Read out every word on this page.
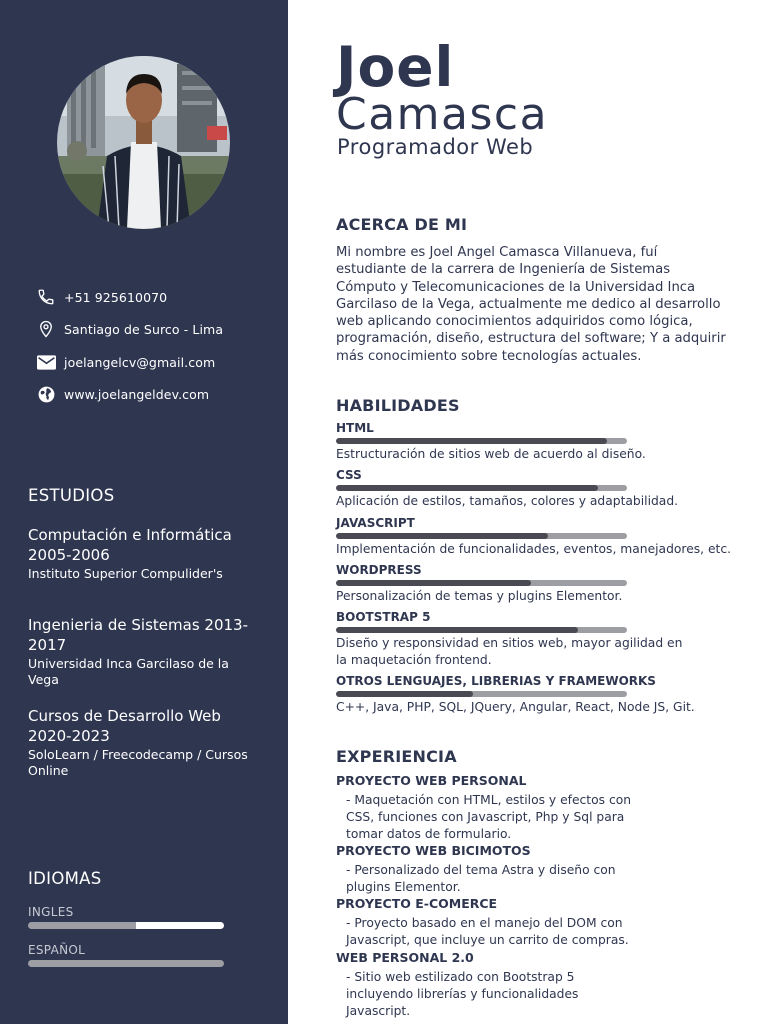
+51 925610070
Santiago de Surco - Lima
joelangelcv@gmail.com
www.joelangeldev.com
ESTUDIOS
Computación e Informática 2005-2006
Instituto Superior Compulider's
Ingenieria de Sistemas 2013-2017
Universidad Inca Garcilaso de la Vega
Cursos de Desarrollo Web 2020-2023
SoloLearn / Freecodecamp / Cursos Online
IDIOMAS
INGLES
ESPAÑOL
Joel
Camasca
Programador Web
ACERCA DE MI
Mi nombre es Joel Angel Camasca Villanueva, fuí estudiante de la carrera de Ingeniería de Sistemas Cómputo y Telecomunicaciones de la Universidad Inca Garcilaso de la Vega, actualmente me dedico al desarrollo web aplicando conocimientos adquiridos como lógica, programación, diseño, estructura del software; Y a adquirir más conocimiento sobre tecnologías actuales.
HABILIDADES
HTML
Estructuración de sitios web de acuerdo al diseño.
CSS
Aplicación de estilos, tamaños, colores y adaptabilidad.
JAVASCRIPT
Implementación de funcionalidades, eventos, manejadores, etc.
WORDPRESS
Personalización de temas y plugins Elementor.
BOOTSTRAP 5
Diseño y responsividad en sitios web, mayor agilidad en la maquetación frontend.
OTROS LENGUAJES, LIBRERIAS Y FRAMEWORKS
C++, Java, PHP, SQL, JQuery, Angular, React, Node JS, Git.
EXPERIENCIA
PROYECTO WEB PERSONAL
- Maquetación con HTML, estilos y efectos con CSS, funciones con Javascript, Php y Sql para tomar datos de formulario.
PROYECTO WEB BICIMOTOS
- Personalizado del tema Astra y diseño con plugins Elementor.
PROYECTO E-COMERCE
- Proyecto basado en el manejo del DOM con Javascript, que incluye un carrito de compras.
WEB PERSONAL 2.0
- Sitio web estilizado con Bootstrap 5 incluyendo librerías y funcionalidades Javascript.
